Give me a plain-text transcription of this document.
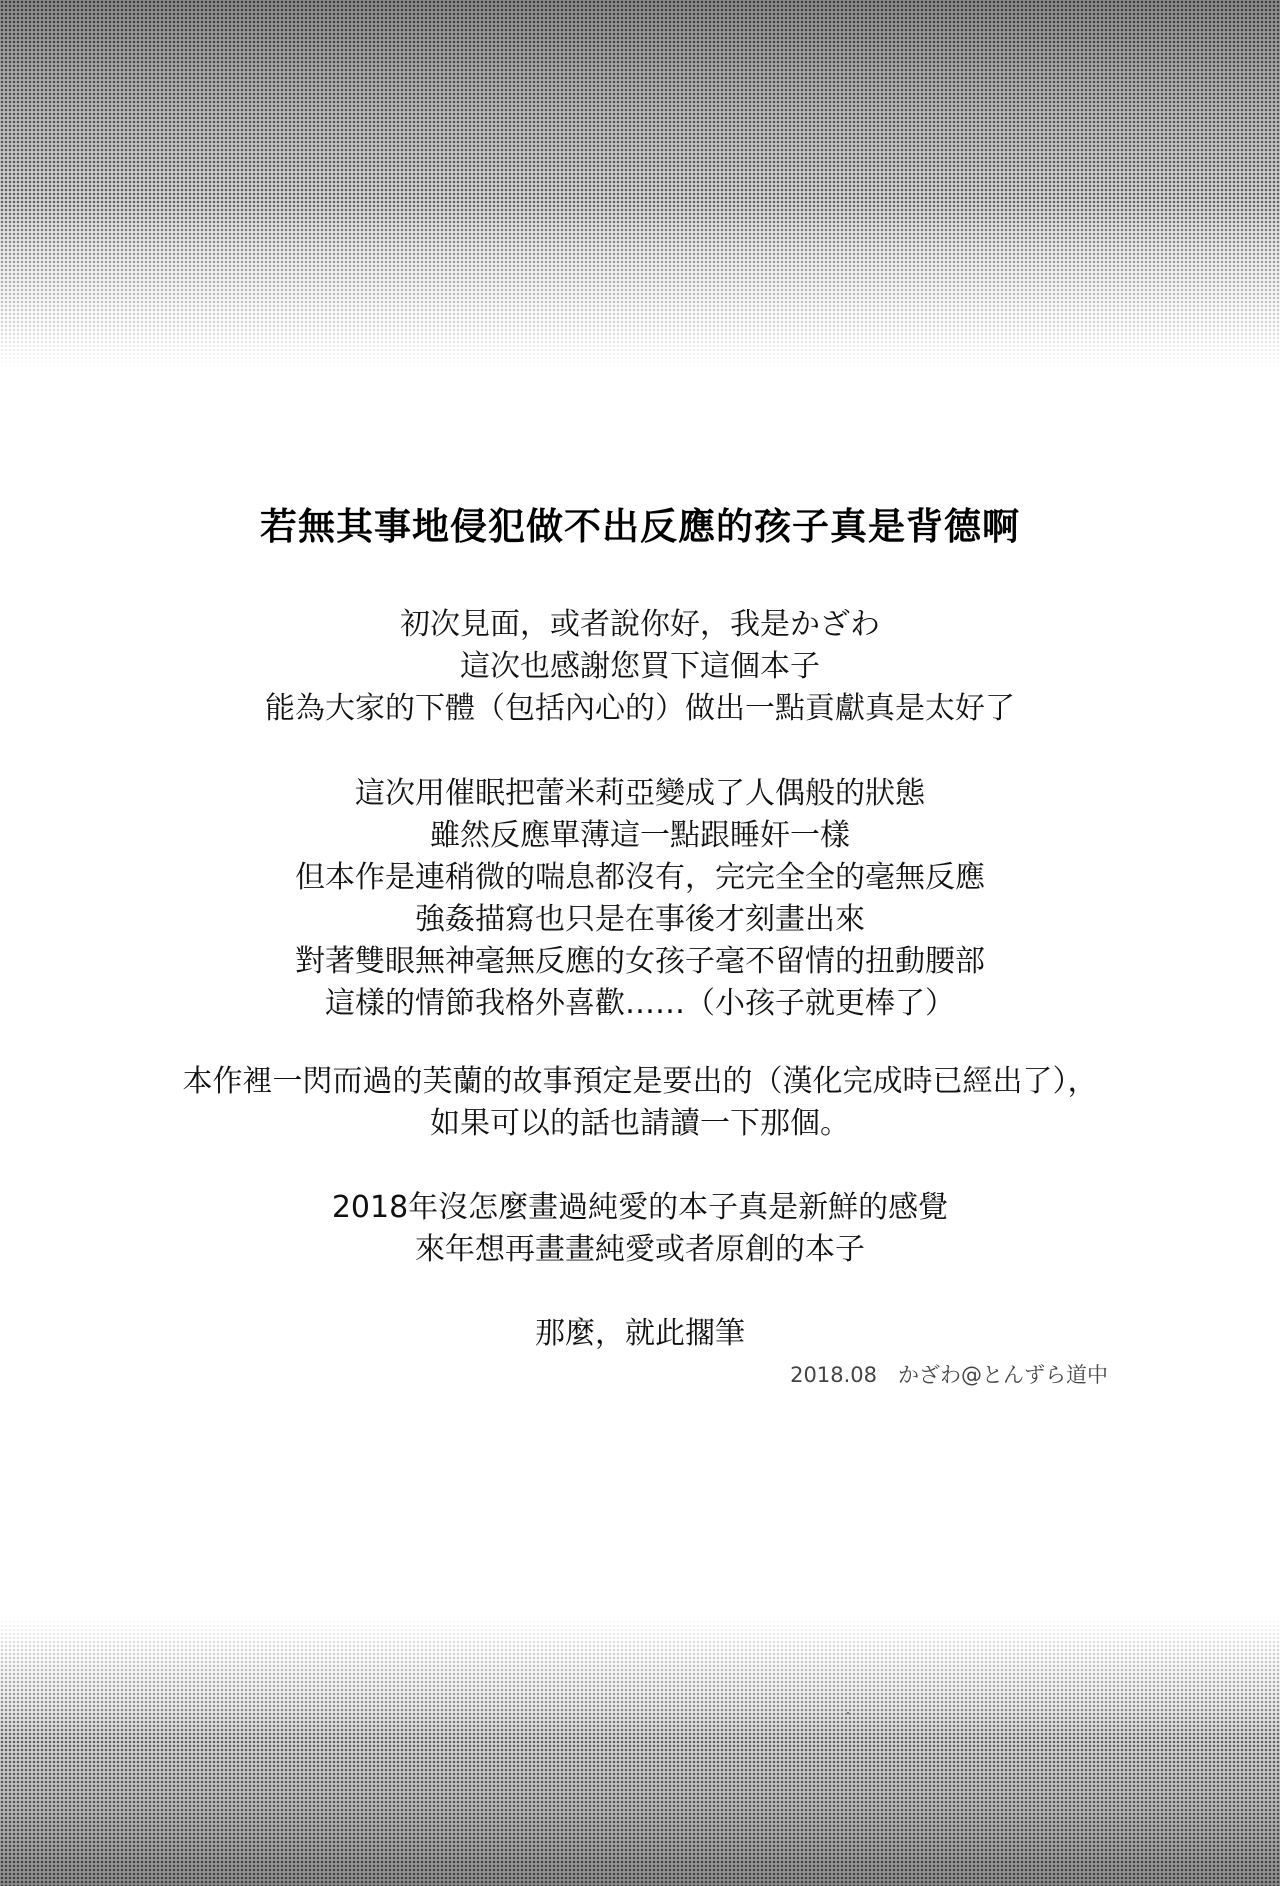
若無其事地侵犯做不出反應的孩子真是背德啊
初次見面，或者說你好，我是かざわ
這次也感謝您買下這個本子
能為大家的下體（包括內心的）做出一點貢獻真是太好了
這次用催眠把蕾米莉亞變成了人偶般的狀態
雖然反應單薄這一點跟睡奸一樣
但本作是連稍微的喘息都沒有，完完全全的毫無反應
強姦描寫也只是在事後才刻畫出來
對著雙眼無神毫無反應的女孩子毫不留情的扭動腰部
這樣的情節我格外喜歡……（小孩子就更棒了）
本作裡一閃而過的芙蘭的故事預定是要出的（漢化完成時已經出了），
如果可以的話也請讀一下那個。
2018年沒怎麼畫過純愛的本子真是新鮮的感覺
來年想再畫畫純愛或者原創的本子
那麼，就此擱筆
2018.08　かざわ@とんずら道中
